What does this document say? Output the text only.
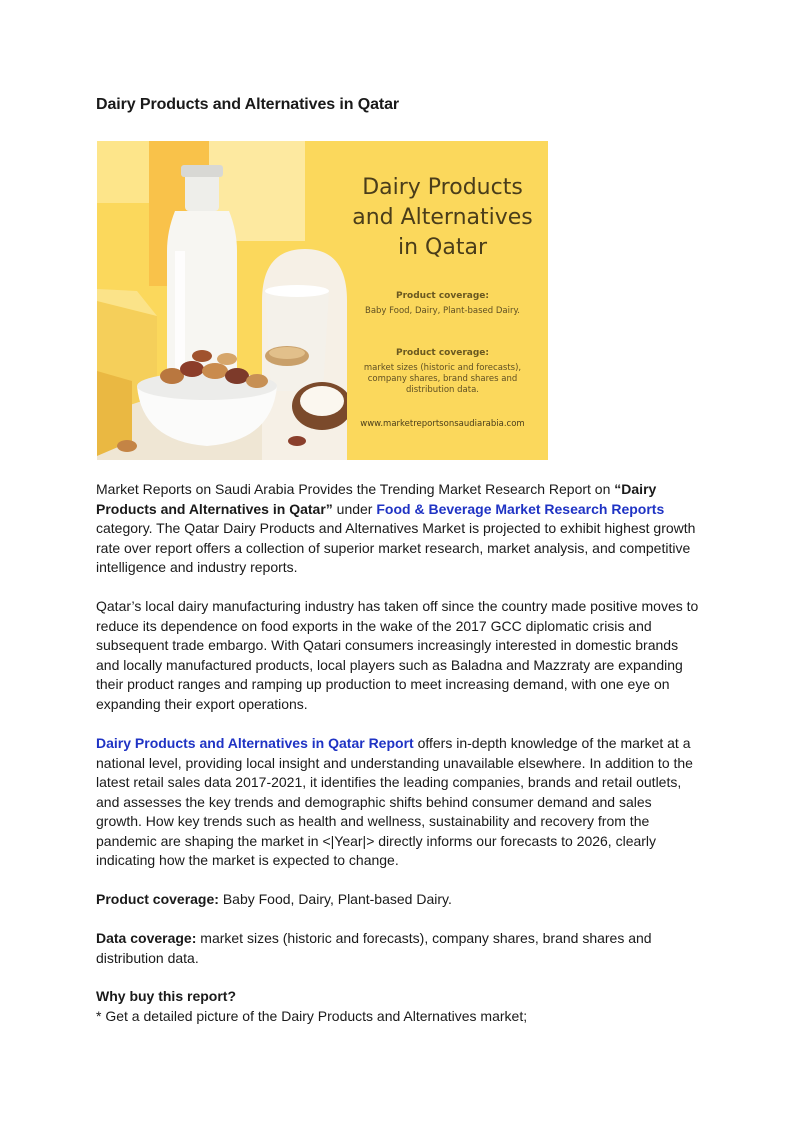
Dairy Products and Alternatives in Qatar
Dairy Products
and Alternatives
in Qatar
Product coverage:
Baby Food, Dairy, Plant-based Dairy.
Product coverage:
market sizes (historic and forecasts), company shares, brand shares and distribution data.
www.marketreportsonsaudiarabia.com

Market Reports on Saudi Arabia Provides the Trending Market Research Report on “Dairy Products and Alternatives in Qatar” under Food & Beverage Market Research Reports category. The Qatar Dairy Products and Alternatives Market is projected to exhibit highest growth rate over report offers a collection of superior market research, market analysis, and competitive intelligence and industry reports.

Qatar’s local dairy manufacturing industry has taken off since the country made positive moves to reduce its dependence on food exports in the wake of the 2017 GCC diplomatic crisis and subsequent trade embargo. With Qatari consumers increasingly interested in domestic brands and locally manufactured products, local players such as Baladna and Mazzraty are expanding their product ranges and ramping up production to meet increasing demand, with one eye on expanding their export operations.

Dairy Products and Alternatives in Qatar Report offers in-depth knowledge of the market at a national level, providing local insight and understanding unavailable elsewhere. In addition to the latest retail sales data 2017-2021, it identifies the leading companies, brands and retail outlets, and assesses the key trends and demographic shifts behind consumer demand and sales growth. How key trends such as health and wellness, sustainability and recovery from the pandemic are shaping the market in <|Year|> directly informs our forecasts to 2026, clearly indicating how the market is expected to change.

Product coverage: Baby Food, Dairy, Plant-based Dairy.

Data coverage: market sizes (historic and forecasts), company shares, brand shares and distribution data.

Why buy this report?

* Get a detailed picture of the Dairy Products and Alternatives market;
